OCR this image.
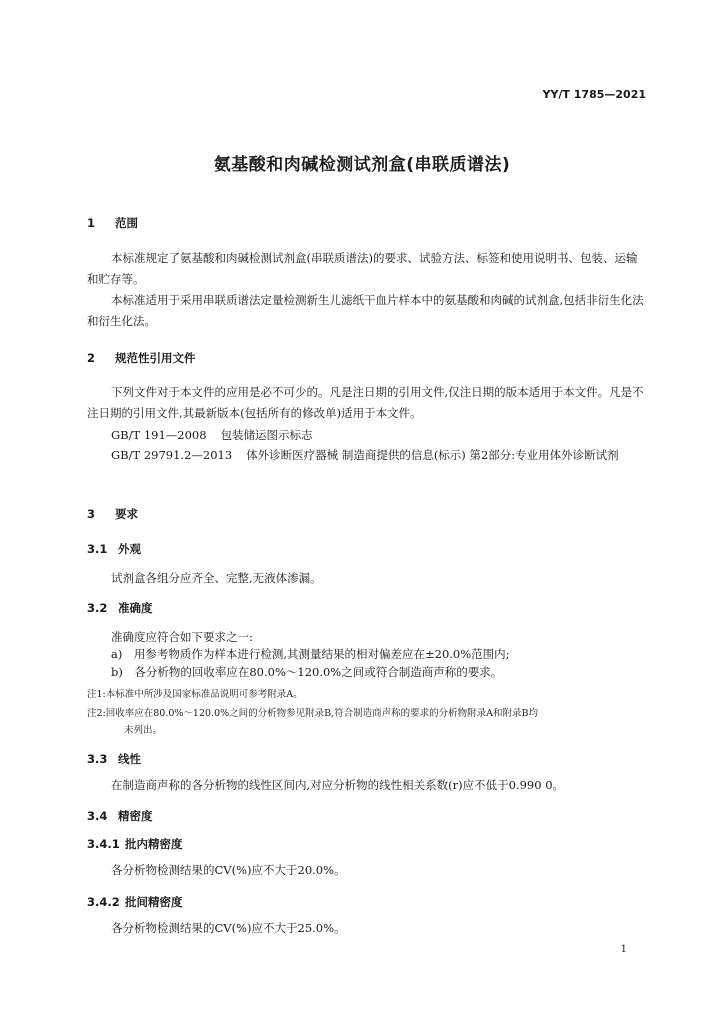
YY/T 1785—2021
氨基酸和肉碱检测试剂盒(串联质谱法)
1 范围
本标准规定了氨基酸和肉碱检测试剂盒(串联质谱法)的要求、试验方法、标签和使用说明书、包装、运输和贮存等。
本标准适用于采用串联质谱法定量检测新生儿滤纸干血片样本中的氨基酸和肉碱的试剂盒,包括非衍生化法和衍生化法。
2 规范性引用文件
下列文件对于本文件的应用是必不可少的。凡是注日期的引用文件,仅注日期的版本适用于本文件。凡是不注日期的引用文件,其最新版本(包括所有的修改单)适用于本文件。
GB/T 191—2008 包装储运图示标志
GB/T 29791.2—2013 体外诊断医疗器械 制造商提供的信息(标示) 第2部分:专业用体外诊断试剂
3 要求
3.1 外观
试剂盒各组分应齐全、完整,无液体渗漏。
3.2 准确度
准确度应符合如下要求之一:
a)　用参考物质作为样本进行检测,其测量结果的相对偏差应在±20.0%范围内;
b)　各分析物的回收率应在80.0%～120.0%之间或符合制造商声称的要求。
注1:本标准中所涉及国家标准品说明可参考附录A。
注2:回收率应在80.0%～120.0%之间的分析物参见附录B,符合制造商声称的要求的分析物附录A和附录B均
未列出。
3.3 线性
在制造商声称的各分析物的线性区间内,对应分析物的线性相关系数(r)应不低于0.990 0。
3.4 精密度
3.4.1 批内精密度
各分析物检测结果的CV(%)应不大于20.0%。
3.4.2 批间精密度
各分析物检测结果的CV(%)应不大于25.0%。
1
